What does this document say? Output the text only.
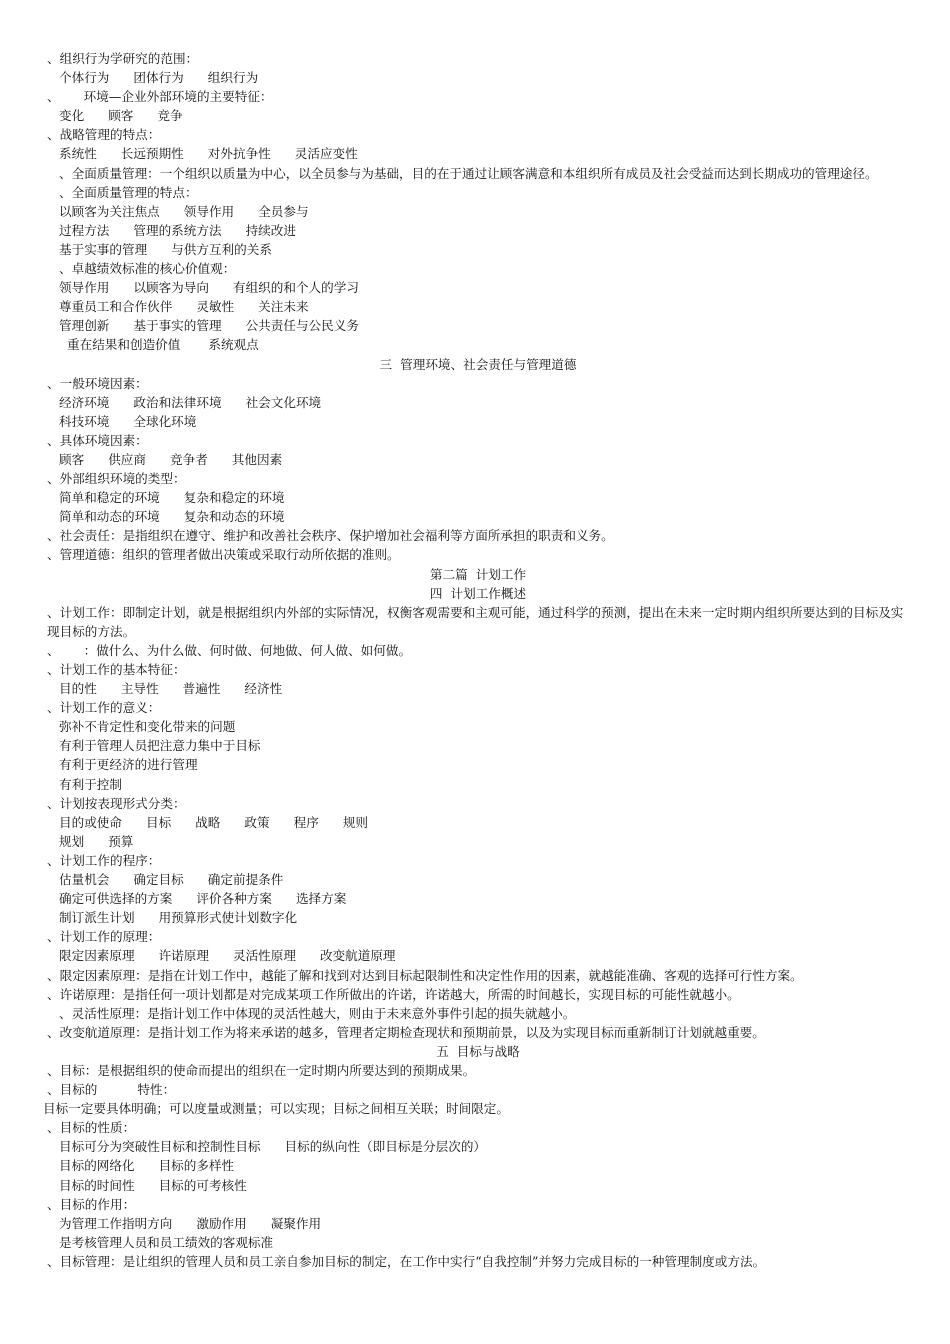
、组织行为学研究的范围：
个体行为      团体行为      组织行为
、      环境—企业外部环境的主要特征：
变化      顾客      竞争
、战略管理的特点：
系统性      长远预期性      对外抗争性      灵活应变性
、全面质量管理：一个组织以质量为中心，以全员参与为基础，目的在于通过让顾客满意和本组织所有成员及社会受益而达到长期成功的管理途径。
、全面质量管理的特点：
以顾客为关注焦点      领导作用      全员参与
过程方法      管理的系统方法      持续改进
基于实事的管理      与供方互利的关系
、卓越绩效标准的核心价值观：
领导作用      以顾客为导向      有组织的和个人的学习
尊重员工和合作伙伴      灵敏性      关注未来
管理创新      基于事实的管理      公共责任与公民义务
重在结果和创造价值       系统观点
三  管理环境、社会责任与管理道德
、一般环境因素：
经济环境      政治和法律环境      社会文化环境
科技环境      全球化环境
、具体环境因素：
顾客      供应商      竞争者      其他因素
、外部组织环境的类型：
简单和稳定的环境      复杂和稳定的环境
简单和动态的环境      复杂和动态的环境
、社会责任：是指组织在遵守、维护和改善社会秩序、保护增加社会福利等方面所承担的职责和义务。
、管理道德：组织的管理者做出决策或采取行动所依据的准则。
第二篇  计划工作
四  计划工作概述
、计划工作：即制定计划，就是根据组织内外部的实际情况，权衡客观需要和主观可能，通过科学的预测，提出在未来一定时期内组织所要达到的目标及实现目标的方法。
、      ：做什么、为什么做、何时做、何地做、何人做、如何做。
、计划工作的基本特征：
目的性      主导性      普遍性      经济性
、计划工作的意义：
弥补不肯定性和变化带来的问题
有利于管理人员把注意力集中于目标
有利于更经济的进行管理
有利于控制
、计划按表现形式分类：
目的或使命      目标      战略      政策      程序      规则
规划      预算
、计划工作的程序：
估量机会      确定目标      确定前提条件
确定可供选择的方案      评价各种方案      选择方案
制订派生计划      用预算形式使计划数字化
、计划工作的原理：
限定因素原理      许诺原理      灵活性原理      改变航道原理
、限定因素原理：是指在计划工作中，越能了解和找到对达到目标起限制性和决定性作用的因素，就越能准确、客观的选择可行性方案。
、许诺原理：是指任何一项计划都是对完成某项工作所做出的许诺，许诺越大，所需的时间越长，实现目标的可能性就越小。
、灵活性原理：是指计划工作中体现的灵活性越大，则由于未来意外事件引起的损失就越小。
、改变航道原理：是指计划工作为将来承诺的越多，管理者定期检查现状和预期前景，以及为实现目标而重新制订计划就越重要。
五  目标与战略
、目标：是根据组织的使命而提出的组织在一定时期内所要达到的预期成果。
、目标的          特性：
目标一定要具体明确；可以度量或测量；可以实现；目标之间相互关联；时间限定。
、目标的性质：
目标可分为突破性目标和控制性目标      目标的纵向性（即目标是分层次的）
目标的网络化      目标的多样性
目标的时间性      目标的可考核性
、目标的作用：
为管理工作指明方向      激励作用      凝聚作用
是考核管理人员和员工绩效的客观标准
、目标管理：是让组织的管理人员和员工亲自参加目标的制定，在工作中实行“自我控制”并努力完成目标的一种管理制度或方法。
